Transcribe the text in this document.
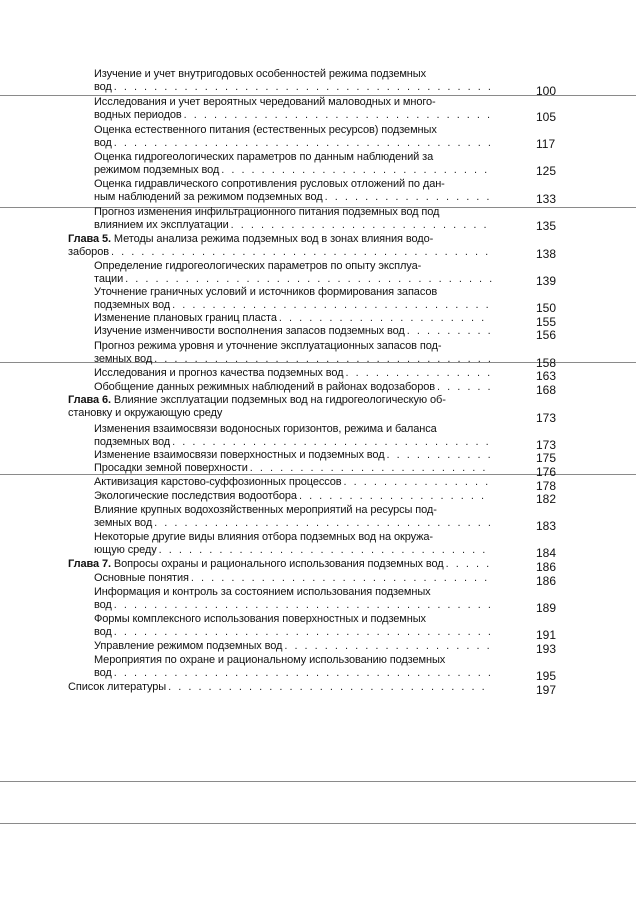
Изучение и учет внутригодовых особенностей режима подземных
вод . . .	100
Исследования и учет вероятных чередований маловодных и много-
водных периодов . . .	105
Оценка естественного питания (естественных ресурсов) подземных
вод . . .	117
Оценка гидрогеологических параметров по данным наблюдений за
режимом подземных вод . . .	125
Оценка гидравлического сопротивления русловых отложений по дан-
ным наблюдений за режимом подземных вод . . .	133
Прогноз изменения инфильтрационного питания подземных вод под
влиянием их эксплуатации . . .	135
Глава 5. Методы анализа режима подземных вод в зонах влияния водо-
заборов . . .	138
Определение гидрогеологических параметров по опыту эксплуа-
тации . . .	139
Уточнение граничных условий и источников формирования запасов
подземных вод . . .	150
Изменение плановых границ пласта . . .	155
Изучение изменчивости восполнения запасов подземных вод . . .	156
Прогноз режима уровня и уточнение эксплуатационных запасов под-
земных вод . . .	158
Исследования и прогноз качества подземных вод . . .	163
Обобщение данных режимных наблюдений в районах водозаборов . . .	168
Глава 6. Влияние эксплуатации подземных вод на гидрогеологическую об-
становку и окружающую среду	173
Изменения взаимосвязи водоносных горизонтов, режима и баланса
подземных вод . . .	173
Изменение взаимосвязи поверхностных и подземных вод . . .	175
Просадки земной поверхности . . .	176
Активизация карстово-суффозионных процессов . . .	178
Экологические последствия водоотбора . . .	182
Влияние крупных водохозяйственных мероприятий на ресурсы под-
земных вод . . .	183
Некоторые другие виды влияния отбора подземных вод на окружа-
ющую среду . . .	184
Глава 7. Вопросы охраны и рационального использования подземных вод . . .	186
Основные понятия . . .	186
Информация и контроль за состоянием использования подземных
вод . . .	189
Формы комплексного использования поверхностных и подземных
вод . . .	191
Управление режимом подземных вод . . .	193
Мероприятия по охране и рациональному использованию подземных
вод . . .	195
Список литературы . . .	197
